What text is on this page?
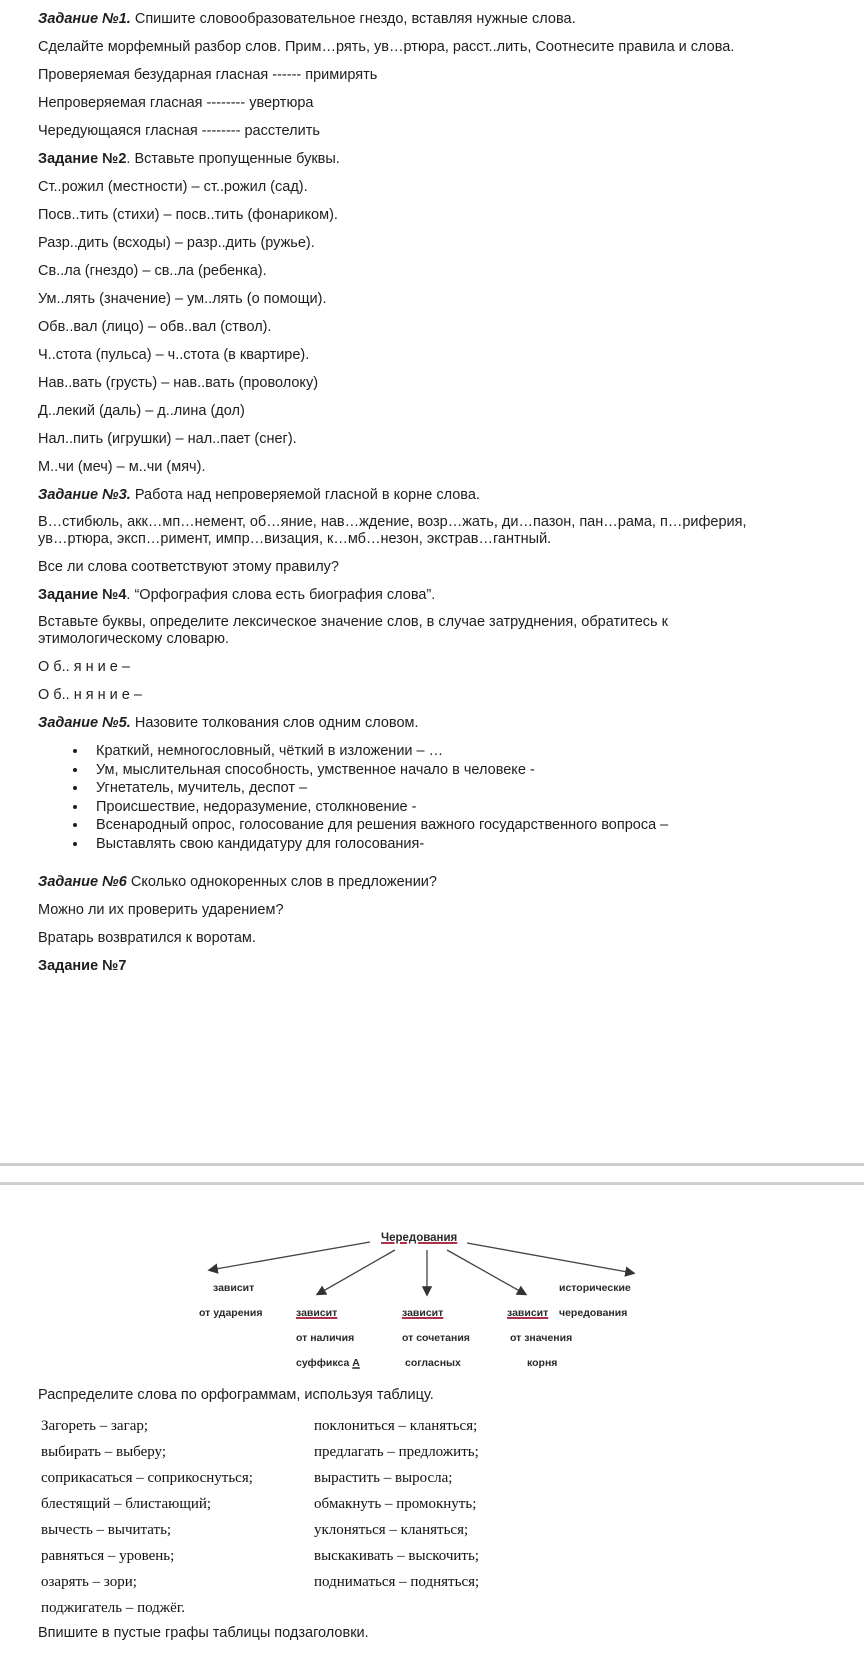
Задание №1. Спишите словообразовательное гнездо, вставляя нужные слова.
Сделайте морфемный разбор слов. Прим…рять, ув…ртюра, расст..лить, Соотнесите правила и слова.
Проверяемая безударная гласная ------ примирять
Непроверяемая гласная -------- увертюра
Чередующаяся гласная -------- расстелить
Задание №2. Вставьте пропущенные буквы.
Ст..рожил (местности) – ст..рожил (сад).
Посв..тить (стихи) – посв..тить (фонариком).
Разр..дить (всходы) – разр..дить (ружье).
Св..ла (гнездо) – св..ла (ребенка).
Ум..лять (значение) – ум..лять (о помощи).
Обв..вал (лицо) – обв..вал (ствол).
Ч..стота (пульса) – ч..стота (в квартире).
Нав..вать (грусть) – нав..вать (проволоку)
Д..лекий (даль) – д..лина (дол)
Нал..пить (игрушки) – нал..пает (снег).
М..чи (меч) – м..чи (мяч).
Задание №3. Работа над непроверяемой гласной в корне слова.
В…стибюль, акк…мп…немент, об…яние, нав…ждение, возр…жать, ди…пазон, пан…рама, п…риферия,
ув…ртюра, эксп…римент, импр…визация, к…мб…незон, экстрав…гантный.
Все ли слова соответствуют этому правилу?
Задание №4. “Орфография слова есть биография слова”.
Вставьте буквы, определите лексическое значение слов, в случае затруднения, обратитесь к
этимологическому словарю.
О б.. я н и е –
О б.. н я н и е –
Задание №5. Назовите толкования слов одним словом.
• Краткий, немногословный, чёткий в изложении – …
• Ум, мыслительная способность, умственное начало в человеке -
• Угнетатель, мучитель, деспот –
• Происшествие, недоразумение, столкновение -
• Всенародный опрос, голосование для решения важного государственного вопроса –
• Выставлять свою кандидатуру для голосования-
Задание №6 Сколько однокоренных слов в предложении?
Можно ли их проверить ударением?
Вратарь возвратился к воротам.
Задание №7
Чередования
зависит
от ударения	зависит
от наличия
суффикса А
зависит
от сочетания
согласных
зависит
от значения
корня
исторические
чередования
Распределите слова по орфограммам, используя таблицу.
Загореть – загар;
выбирать – выберу;
соприкасаться – соприкоснуться;
блестящий – блистающий;
вычесть – вычитать;
равняться – уровень;
озарять – зори;
поджигатель – поджёг.
поклониться – кланяться;
предлагать – предложить;
вырастить – выросла;
обмакнуть – промокнуть;
уклоняться – кланяться;
выскакивать – выскочить;
подниматься – подняться;
Впишите в пустые графы таблицы подзаголовки.
